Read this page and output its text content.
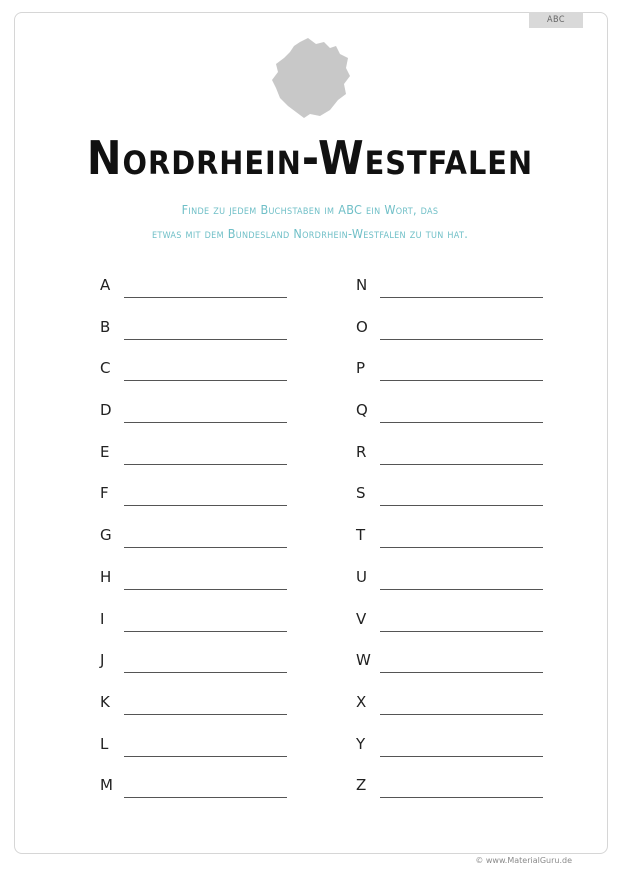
ABC
Nordrhein-Westfalen
Finde zu jedem Buchstaben im ABC ein Wort, das
etwas mit dem Bundesland Nordrhein-Westfalen zu tun hat.
A
B
C
D
E
F
G
H
I
J
K
L
M
N
O
P
Q
R
S
T
U
V
W
X
Y
Z
© www.MaterialGuru.de
